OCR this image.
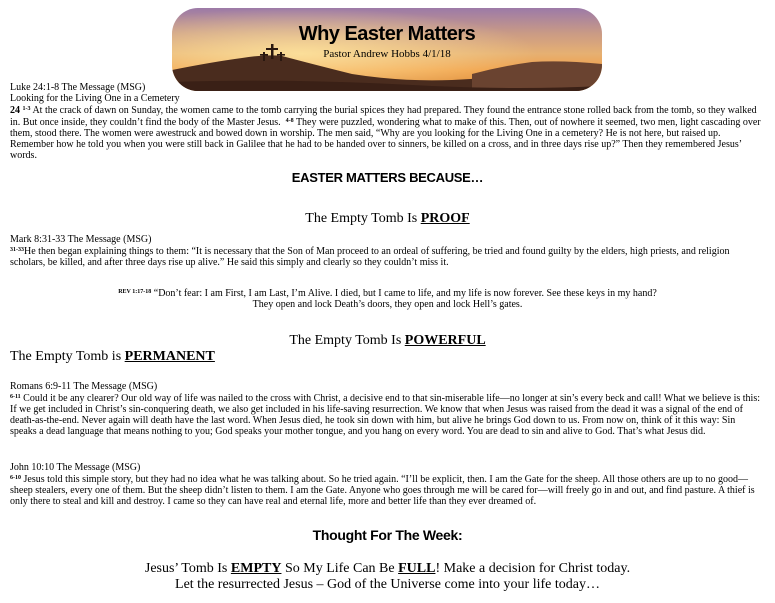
Why Easter Matters
Pastor Andrew Hobbs 4/1/18
Luke 24:1-8 The Message (MSG)
Looking for the Living One in a Cemetery
24 $^{1-3}$ At the crack of dawn on Sunday, the women came to the tomb carrying the burial spices they had prepared. They found the entrance stone rolled back from the tomb, so they walked in. But once inside, they couldn’t find the body of the Master Jesus. $^{4-8}$ They were puzzled, wondering what to make of this. Then, out of nowhere it seemed, two men, light cascading over them, stood there. The women were awestruck and bowed down in worship. The men said, “Why are you looking for the Living One in a cemetery? He is not here, but raised up. Remember how he told you when you were still back in Galilee that he had to be handed over to sinners, be killed on a cross, and in three days rise up?” Then they remembered Jesus’ words.
EASTER MATTERS BECAUSE…
The Empty Tomb Is PROOF
Mark 8:31-33 The Message (MSG)
$^{31-33}$He then began explaining things to them: “It is necessary that the Son of Man proceed to an ordeal of suffering, be tried and found guilty by the elders, high priests, and religion scholars, be killed, and after three days rise up alive.” He said this simply and clearly so they couldn’t miss it.
$^{REV 1:17-18}$ “Don’t fear: I am First, I am Last, I’m Alive. I died, but I came to life, and my life is now forever. See these keys in my hand?
They open and lock Death’s doors, they open and lock Hell’s gates.
The Empty Tomb Is POWERFUL
The Empty Tomb is PERMANENT
Romans 6:9-11 The Message (MSG)
$^{6-11}$ Could it be any clearer? Our old way of life was nailed to the cross with Christ, a decisive end to that sin-miserable life—no longer at sin’s every beck and call! What we believe is this: If we get included in Christ’s sin-conquering death, we also get included in his life-saving resurrection. We know that when Jesus was raised from the dead it was a signal of the end of death-as-the-end. Never again will death have the last word. When Jesus died, he took sin down with him, but alive he brings God down to us. From now on, think of it this way: Sin speaks a dead language that means nothing to you; God speaks your mother tongue, and you hang on every word. You are dead to sin and alive to God. That’s what Jesus did.
John 10:10 The Message (MSG)
$^{6-10}$ Jesus told this simple story, but they had no idea what he was talking about. So he tried again. “I’ll be explicit, then. I am the Gate for the sheep. All those others are up to no good—sheep stealers, every one of them. But the sheep didn’t listen to them. I am the Gate. Anyone who goes through me will be cared for—will freely go in and out, and find pasture. A thief is only there to steal and kill and destroy. I came so they can have real and eternal life, more and better life than they ever dreamed of.
Thought For The Week:
Jesus’ Tomb Is EMPTY So My Life Can Be FULL! Make a decision for Christ today.
Let the resurrected Jesus – God of the Universe come into your life today…
